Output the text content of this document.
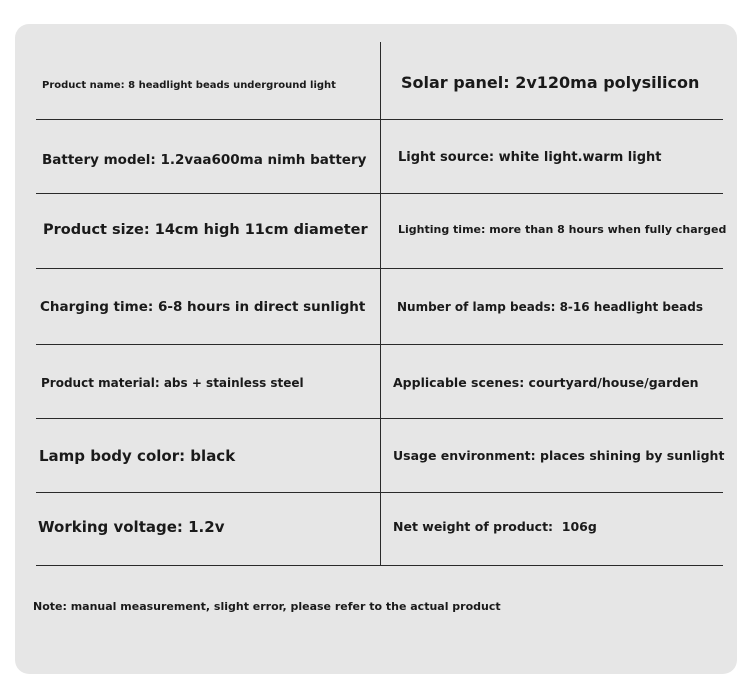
Product name: 8 headlight beads underground light	Solar panel: 2v120ma polysilicon
Battery model: 1.2vaa600ma nimh battery Light source: white light.warm light
Product size: 14cm high 11cm diameter	Lighting time: more than 8 hours when fully charged
Charging time: 6-8 hours in direct sunlight	Number of lamp beads: 8-16 headlight beads
Product material: abs + stainless steel	Applicable scenes: courtyard/house/garden
Lamp body color: black	Usage environment: places shining by sunlight
Working voltage: 1.2v	Net weight of product:  106g
Note: manual measurement, slight error, please refer to the actual product
